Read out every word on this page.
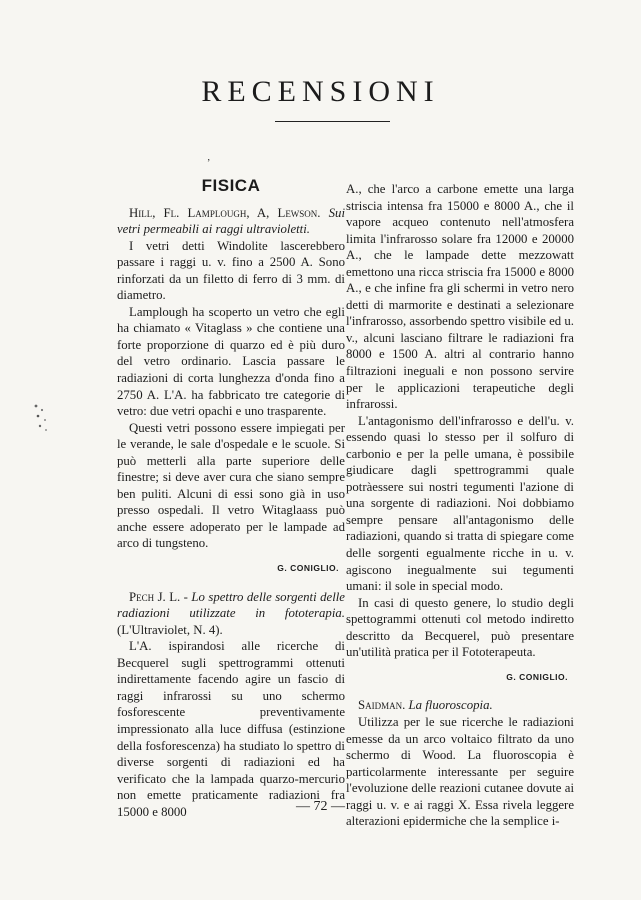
RECENSIONI
ʼ
FISICA

Hill, Fl. Lamplough, A, Lewson. Sui vetri permeabili ai raggi ultravioletti.

I vetri detti Windolite lascerebbero passare i raggi u. v. fino a 2500 A. Sono rinforzati da un filetto di ferro di 3 mm. di diametro.

Lamplough ha scoperto un vetro che egli ha chiamato « Vitaglass » che contiene una forte proporzione di quarzo ed è più duro del vetro ordinario. Lascia passare le radiazioni di corta lunghezza d'onda fino a 2750 A. L'A. ha fabbricato tre categorie di vetro: due vetri opachi e uno trasparente.

Questi vetri possono essere impiegati per le verande, le sale d'ospedale e le scuole. Si può metterli alla parte superiore delle finestre; si deve aver cura che siano sempre ben puliti. Alcuni di essi sono già in uso presso ospedali. Il vetro Witaglaass può anche essere adoperato per le lampade ad arco di tungsteno.

G. CONIGLIO.

Pech J. L. - Lo spettro delle sorgenti delle radiazioni utilizzate in fototerapia. (L'Ultraviolet, N. 4).

L'A. ispirandosi alle ricerche di Becquerel sugli spettrogrammi ottenuti indirettamente facendo agire un fascio di raggi infrarossi su uno schermo fosforescente preventivamente impressionato alla luce diffusa (estinzione della fosforescenza) ha studiato lo spettro di diverse sorgenti di radiazioni ed ha verificato che la lampada quarzo-mercurio non emette praticamente radiazioni fra 15000 e 8000

A., che l'arco a carbone emette una larga striscia intensa fra 15000 e 8000 A., che il vapore acqueo contenuto nell'atmosfera limita l'infrarosso solare fra 12000 e 20000 A., che le lampade dette mezzowatt emettono una ricca striscia fra 15000 e 8000 A., e che infine fra gli schermi in vetro nero detti di marmorite e destinati a selezionare l'infrarosso, assorbendo spettro visibile ed u. v., alcuni lasciano filtrare le radiazioni fra 8000 e 1500 A. altri al contrario hanno filtrazioni ineguali e non possono servire per le applicazioni terapeutiche degli infrarossi.

L'antagonismo dell'infrarosso e dell'u. v. essendo quasi lo stesso per il solfuro di carbonio e per la pelle umana, è possibile giudicare dagli spettrogrammi quale potràessere sui nostri tegumenti l'azione di una sorgente di radiazioni. Noi dobbiamo sempre pensare all'antagonismo delle radiazioni, quando si tratta di spiegare come delle sorgenti egualmente ricche in u. v. agiscono inegualmente sui tegumenti umani: il sole in special modo.

In casi di questo genere, lo studio degli spettogrammi ottenuti col metodo indiretto descritto da Becquerel, può presentare un'utilità pratica per il Fototerapeuta.

G. CONIGLIO.

Saidman. La fluoroscopia.

Utilizza per le sue ricerche le radiazioni emesse da un arco voltaico filtrato da uno schermo di Wood. La fluoroscopia è particolarmente interessante per seguire l'evoluzione delle reazioni cutanee dovute ai raggi u. v. e ai raggi X. Essa rivela leggere alterazioni epidermiche che la semplice i-

— 72 —
